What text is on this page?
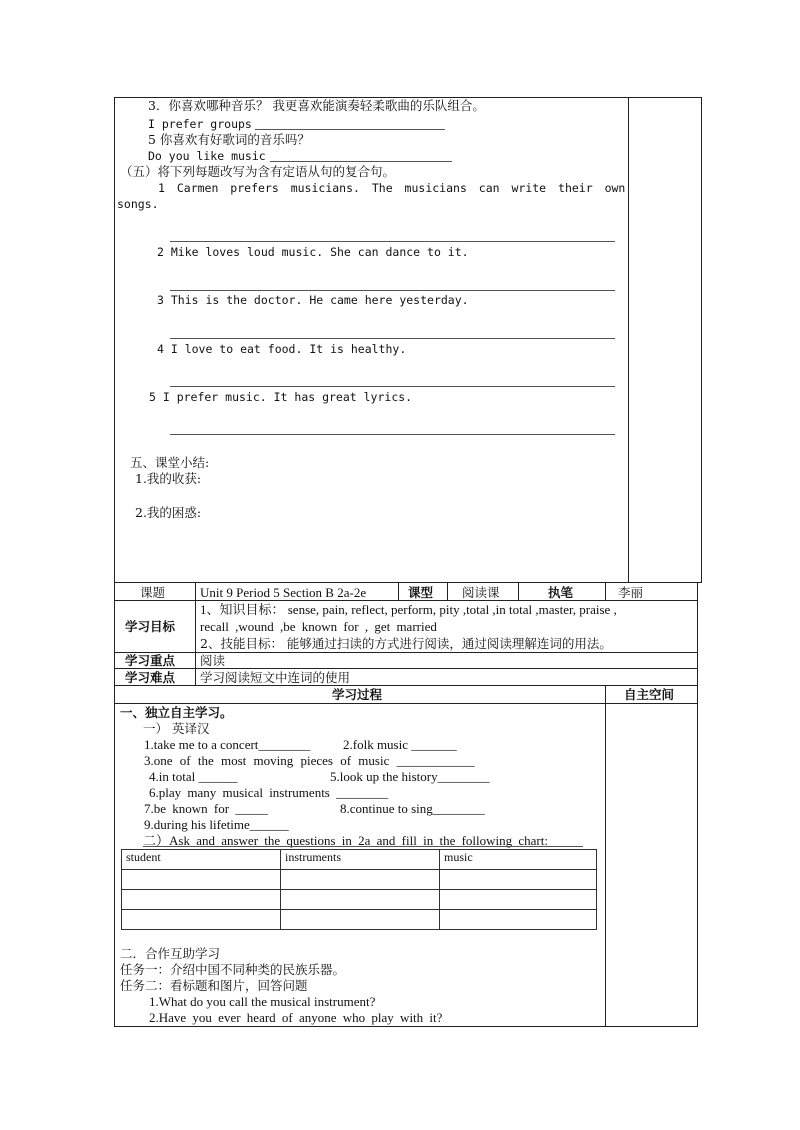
3．你喜欢哪种音乐？ 我更喜欢能演奏轻柔歌曲的乐队组合。
I prefer groups
5 你喜欢有好歌词的音乐吗？
Do you like music
（五）将下列每题改写为含有定语从句的复合句。
1 Carmen prefers musicians. The musicians can write their own
songs.
2 Mike loves loud music. She can dance to it.
3 This is the doctor. He came here yesterday.
4 I love to eat food. It is healthy.
5 I prefer music. It has great lyrics.
五、课堂小结:
1.我的收获:
2.我的困惑:
课题	Unit 9 Period 5 Section B 2a-2e	课型 阅读课	执笔	李丽
学习目标
1、知识目标： sense, pain, reflect, perform, pity ,total ,in total ,master, praise ,
recall ,wound ,be known for , get married
2、技能目标： 能够通过扫读的方式进行阅读，通过阅读理解连词的用法。
学习重点 阅读
学习难点 学习阅读短文中连词的使用
学习过程	自主空间
一、独立自主学习。
一） 英译汉
1.take me to a concert________	2.folk music _______
3.one of the most moving pieces of music ____________
4.in total ______	5.look up the history________
6.play many musical instruments ________
7.be known for _____	8.continue to sing________
9.during his lifetime______
二）Ask and answer the questions in 2a and fill in the following chart:
student	instruments	music

二．合作互助学习
任务一：介绍中国不同种类的民族乐器。
任务二：看标题和图片，回答问题
1.What do you call the musical instrument?
2.Have you ever heard of anyone who play with it?
